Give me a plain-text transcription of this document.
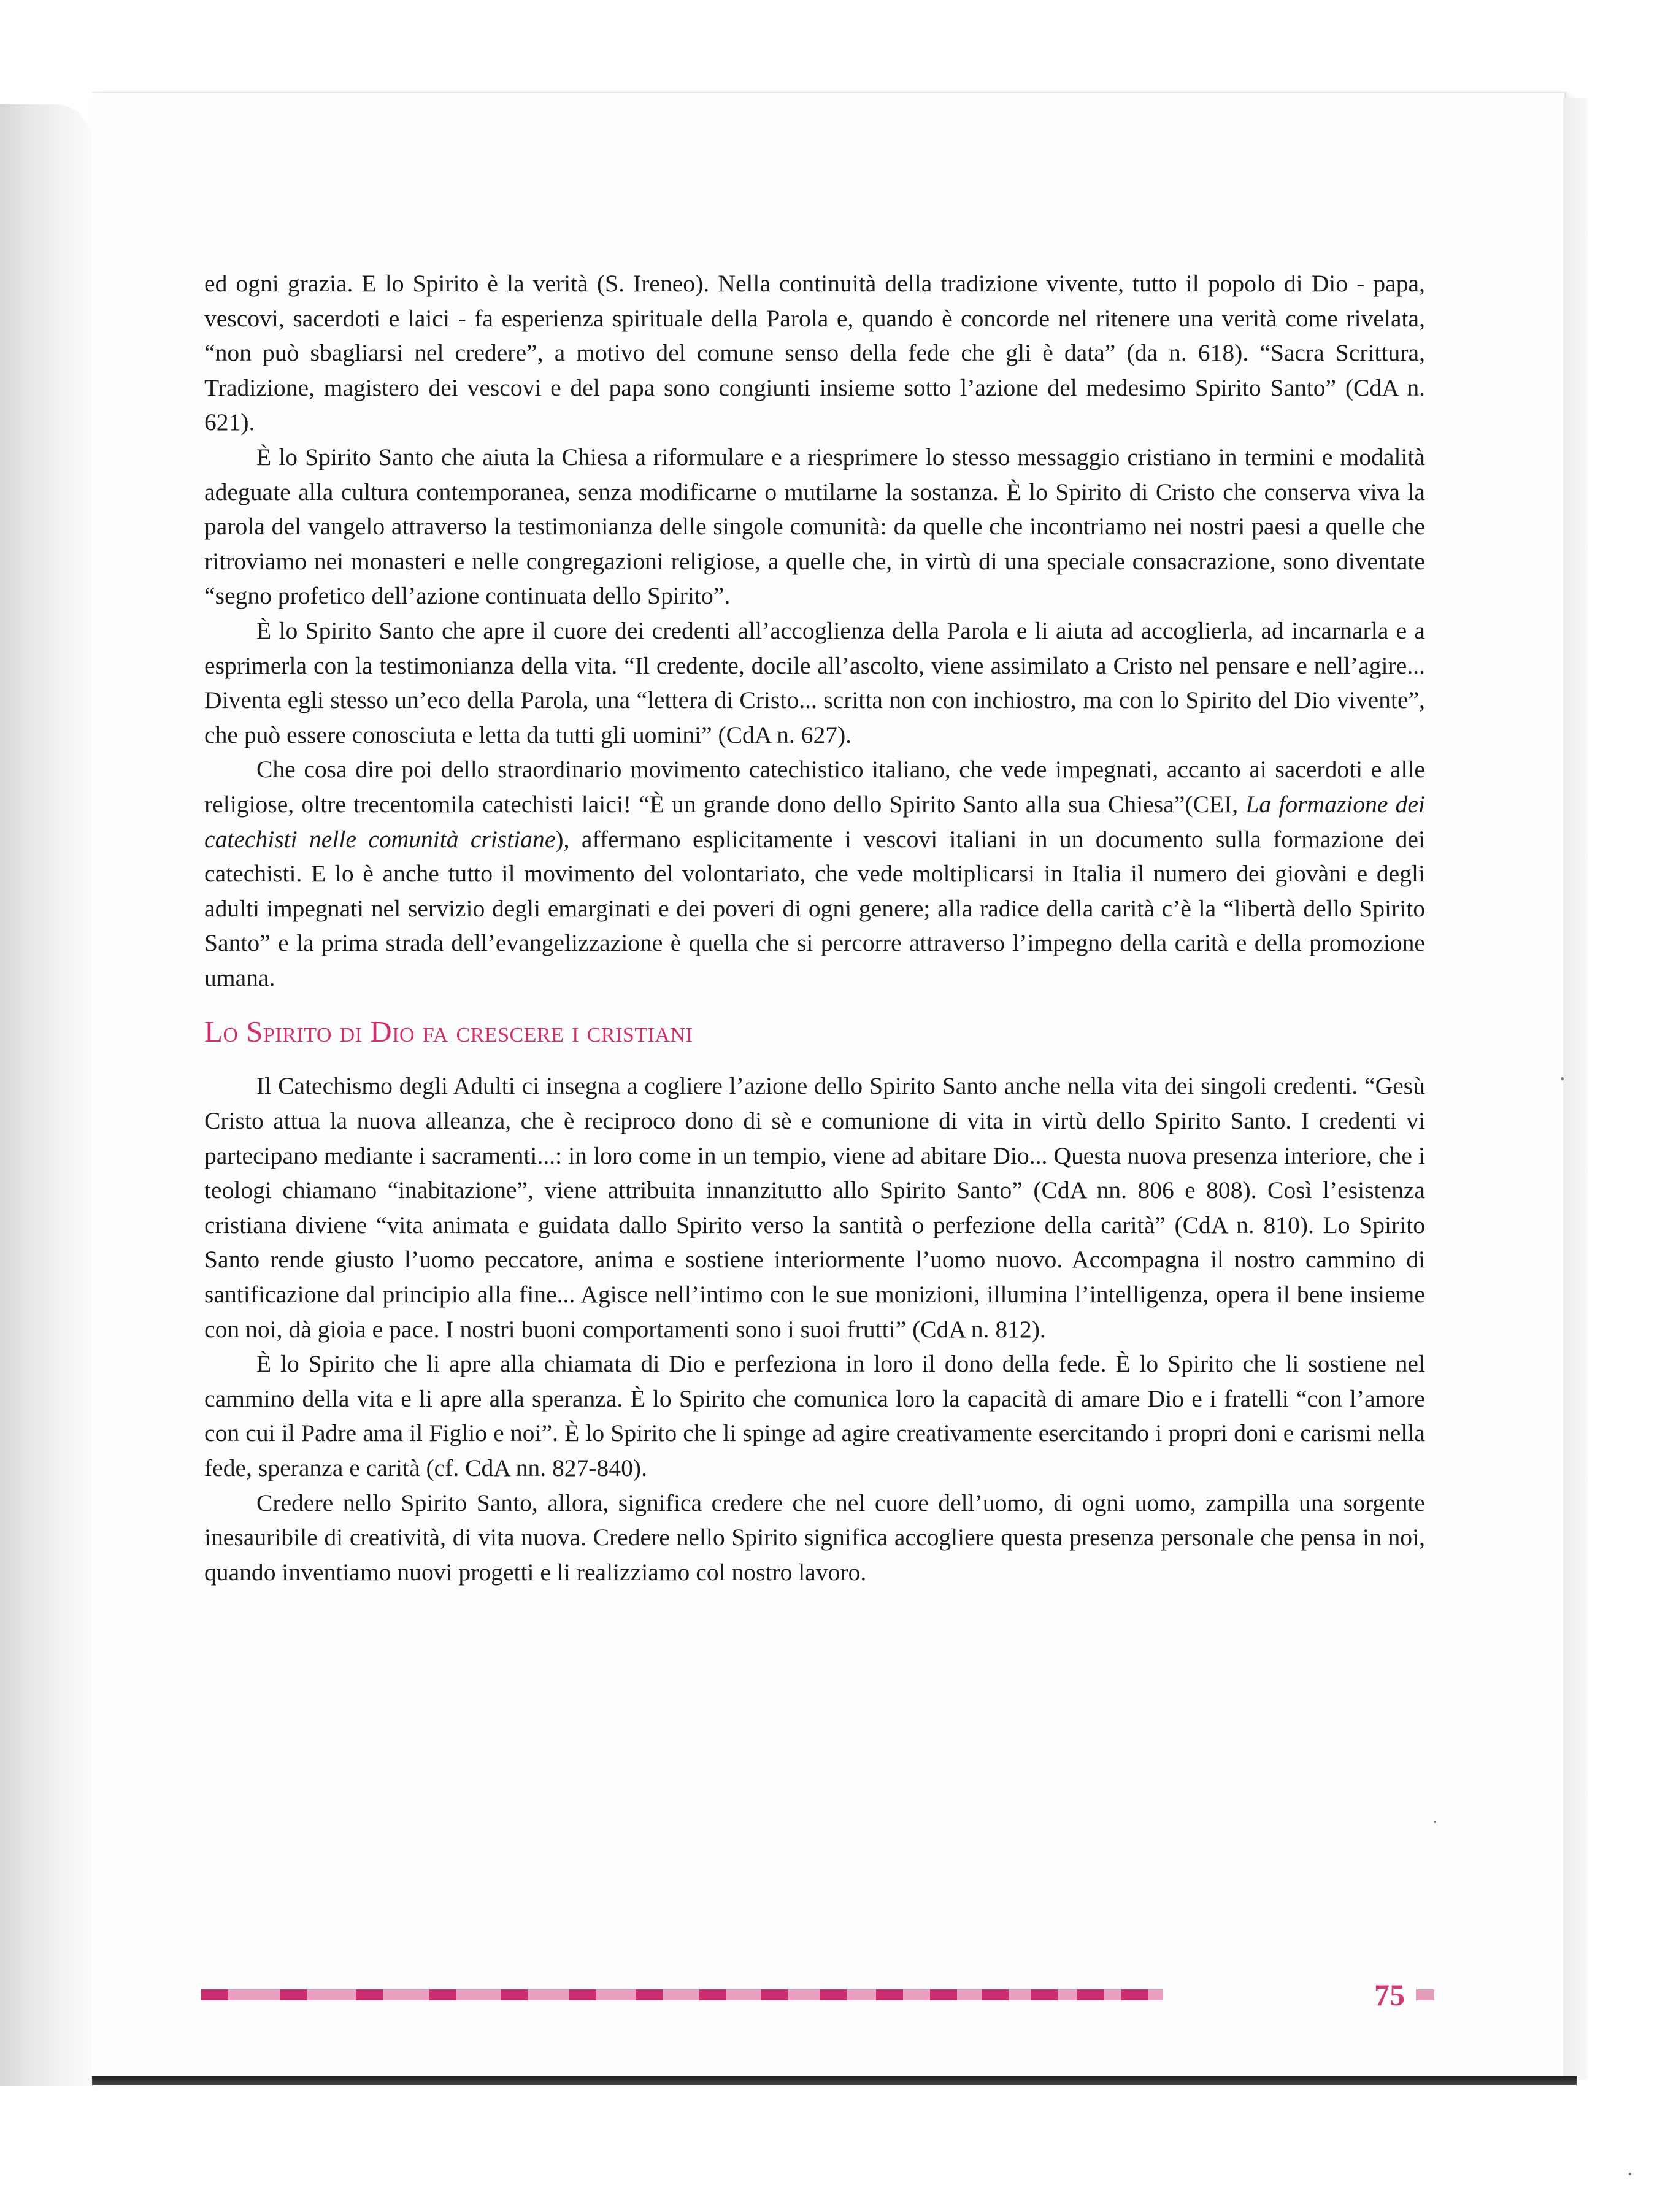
ed ogni grazia. E lo Spirito è la verità (S. Ireneo). Nella continuità della tradizione vivente, tutto il popolo di Dio - papa, vescovi, sacerdoti e laici - fa esperienza spirituale della Parola e, quando è concorde nel ritenere una verità come rivelata, “non può sbagliarsi nel credere”, a motivo del comune senso della fede che gli è data” (da n. 618). “Sacra Scrittura, Tradizione, magistero dei vescovi e del papa sono congiunti insieme sotto l’azione del medesimo Spirito Santo” (CdA n. 621).

È lo Spirito Santo che aiuta la Chiesa a riformulare e a riesprimere lo stesso messaggio cristiano in termini e modalità adeguate alla cultura contemporanea, senza modificarne o mutilarne la sostanza. È lo Spirito di Cristo che conserva viva la parola del vangelo attraverso la testimonianza delle singole comunità: da quelle che incontriamo nei nostri paesi a quelle che ritroviamo nei monasteri e nelle congregazioni religiose, a quelle che, in virtù di una speciale consacrazione, sono diventate “segno profetico dell’azione continuata dello Spirito”.

È lo Spirito Santo che apre il cuore dei credenti all’accoglienza della Parola e li aiuta ad accoglierla, ad incarnarla e a esprimerla con la testimonianza della vita. “Il credente, docile all’ascolto, viene assimilato a Cristo nel pensare e nell’agire... Diventa egli stesso un’eco della Parola, una “lettera di Cristo... scritta non con inchiostro, ma con lo Spirito del Dio vivente”, che può essere conosciuta e letta da tutti gli uomini” (CdA n. 627).

Che cosa dire poi dello straordinario movimento catechistico italiano, che vede impegnati, accanto ai sacerdoti e alle religiose, oltre trecentomila catechisti laici! “È un grande dono dello Spirito Santo alla sua Chiesa”(CEI, La formazione dei catechisti nelle comunità cristiane), affermano esplicitamente i vescovi italiani in un documento sulla formazione dei catechisti. E lo è anche tutto il movimento del volontariato, che vede moltiplicarsi in Italia il numero dei giovàni e degli adulti impegnati nel servizio degli emarginati e dei poveri di ogni genere; alla radice della carità c’è la “libertà dello Spirito Santo” e la prima strada dell’evangelizzazione è quella che si percorre attraverso l’impegno della carità e della promozione umana.

Lo Spirito di Dio fa crescere i cristiani

Il Catechismo degli Adulti ci insegna a cogliere l’azione dello Spirito Santo anche nella vita dei singoli credenti. “Gesù Cristo attua la nuova alleanza, che è reciproco dono di sè e comunione di vita in virtù dello Spirito Santo. I credenti vi partecipano mediante i sacramenti...: in loro come in un tempio, viene ad abitare Dio... Questa nuova presenza interiore, che i teologi chiamano “inabitazione”, viene attribuita innanzitutto allo Spirito Santo” (CdA nn. 806 e 808). Così l’esistenza cristiana diviene “vita animata e guidata dallo Spirito verso la santità o perfezione della carità” (CdA n. 810). Lo Spirito Santo rende giusto l’uomo peccatore, anima e sostiene interiormente l’uomo nuovo. Accompagna il nostro cammino di santificazione dal principio alla fine... Agisce nell’intimo con le sue monizioni, illumina l’intelligenza, opera il bene insieme con noi, dà gioia e pace. I nostri buoni comportamenti sono i suoi frutti” (CdA n. 812).

È lo Spirito che li apre alla chiamata di Dio e perfeziona in loro il dono della fede. È lo Spirito che li sostiene nel cammino della vita e li apre alla speranza. È lo Spirito che comunica loro la capacità di amare Dio e i fratelli “con l’amore con cui il Padre ama il Figlio e noi”. È lo Spirito che li spinge ad agire creativamente esercitando i propri doni e carismi nella fede, speranza e carità (cf. CdA nn. 827-840).

Credere nello Spirito Santo, allora, significa credere che nel cuore dell’uomo, di ogni uomo, zampilla una sorgente inesauribile di creatività, di vita nuova. Credere nello Spirito significa accogliere questa presenza personale che pensa in noi, quando inventiamo nuovi progetti e li realizziamo col nostro lavoro.

75
